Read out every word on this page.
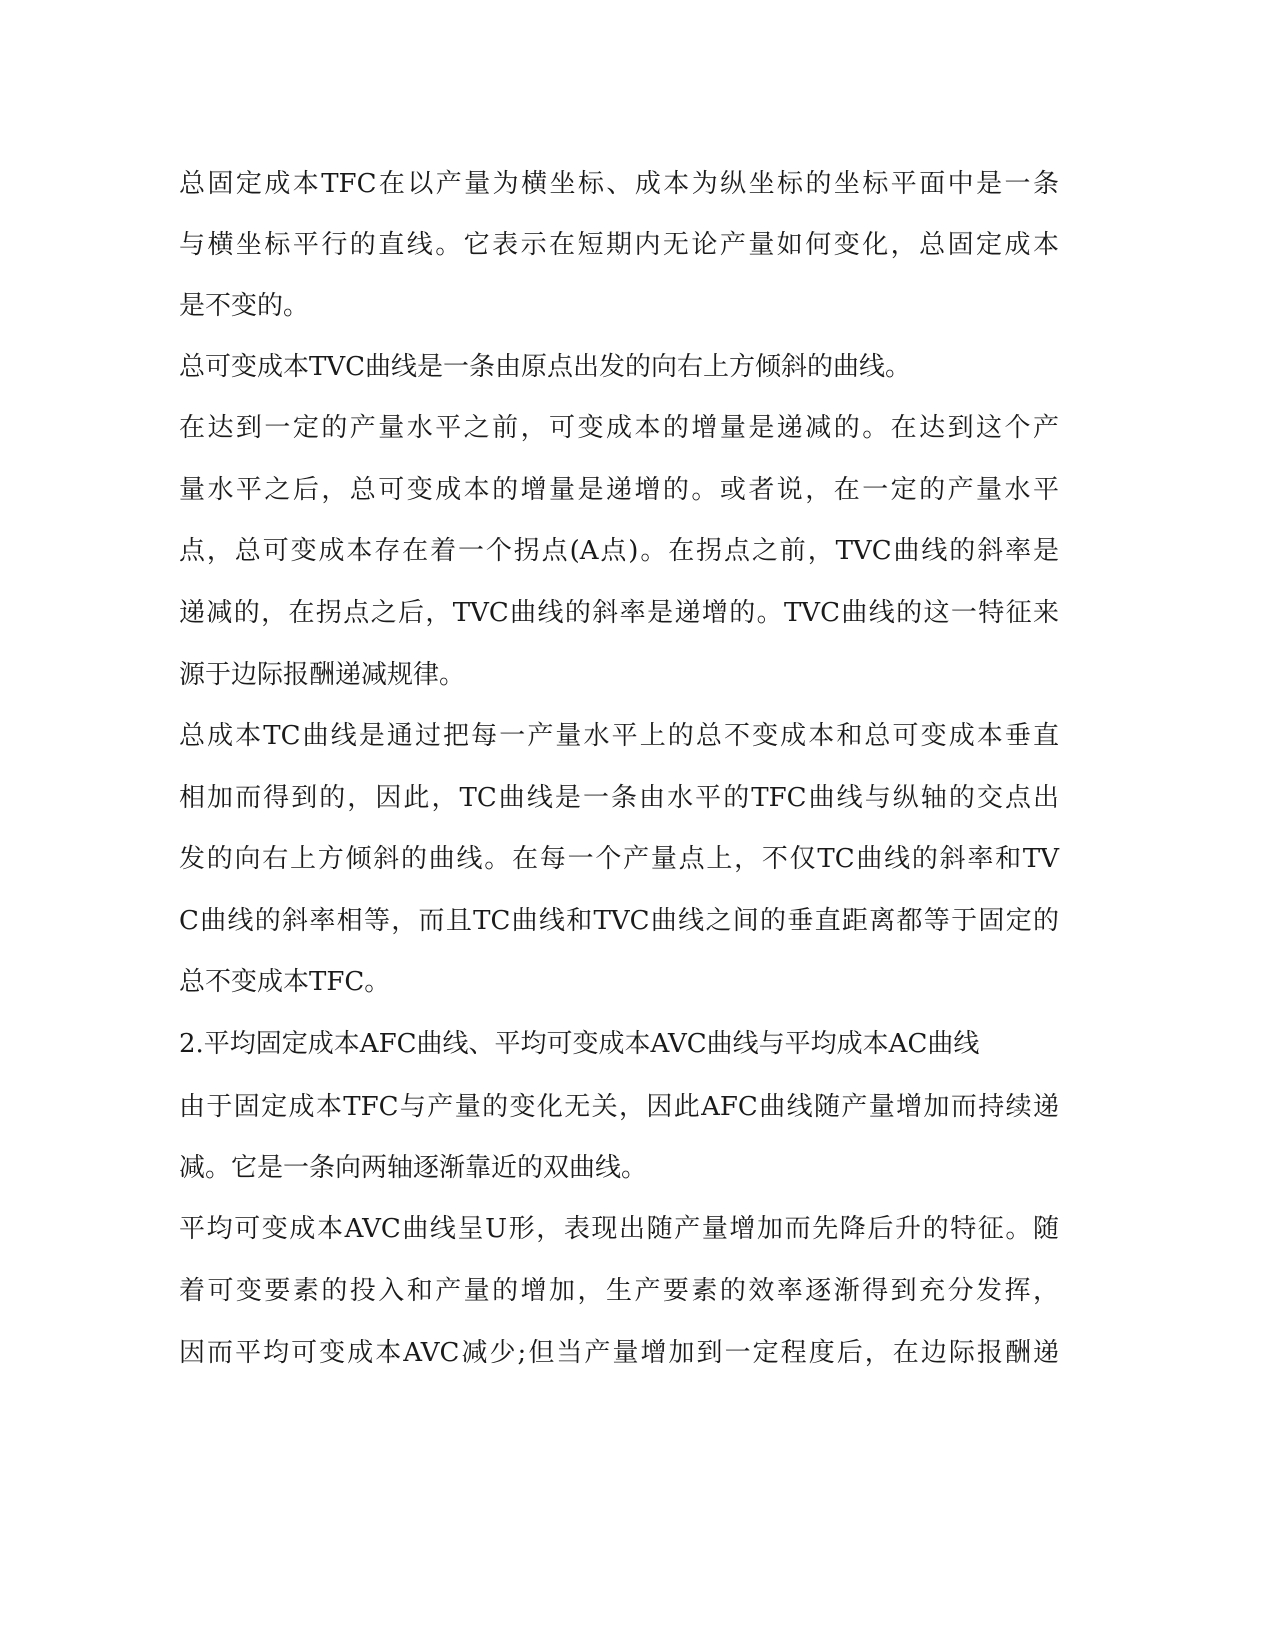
总固定成本TFC在以产量为横坐标、成本为纵坐标的坐标平面中是一条
与横坐标平行的直线。它表示在短期内无论产量如何变化，总固定成本
是不变的。
总可变成本TVC曲线是一条由原点出发的向右上方倾斜的曲线。
在达到一定的产量水平之前，可变成本的增量是递减的。在达到这个产
量水平之后，总可变成本的增量是递增的。或者说，在一定的产量水平
点，总可变成本存在着一个拐点(A点)。在拐点之前，TVC曲线的斜率是
递减的，在拐点之后，TVC曲线的斜率是递增的。TVC曲线的这一特征来
源于边际报酬递减规律。
总成本TC曲线是通过把每一产量水平上的总不变成本和总可变成本垂直
相加而得到的，因此，TC曲线是一条由水平的TFC曲线与纵轴的交点出
发的向右上方倾斜的曲线。在每一个产量点上，不仅TC曲线的斜率和TV
C曲线的斜率相等，而且TC曲线和TVC曲线之间的垂直距离都等于固定的
总不变成本TFC。
2.平均固定成本AFC曲线、平均可变成本AVC曲线与平均成本AC曲线
由于固定成本TFC与产量的变化无关，因此AFC曲线随产量增加而持续递
减。它是一条向两轴逐渐靠近的双曲线。
平均可变成本AVC曲线呈U形，表现出随产量增加而先降后升的特征。随
着可变要素的投入和产量的增加，生产要素的效率逐渐得到充分发挥，
因而平均可变成本AVC减少;但当产量增加到一定程度后，在边际报酬递
